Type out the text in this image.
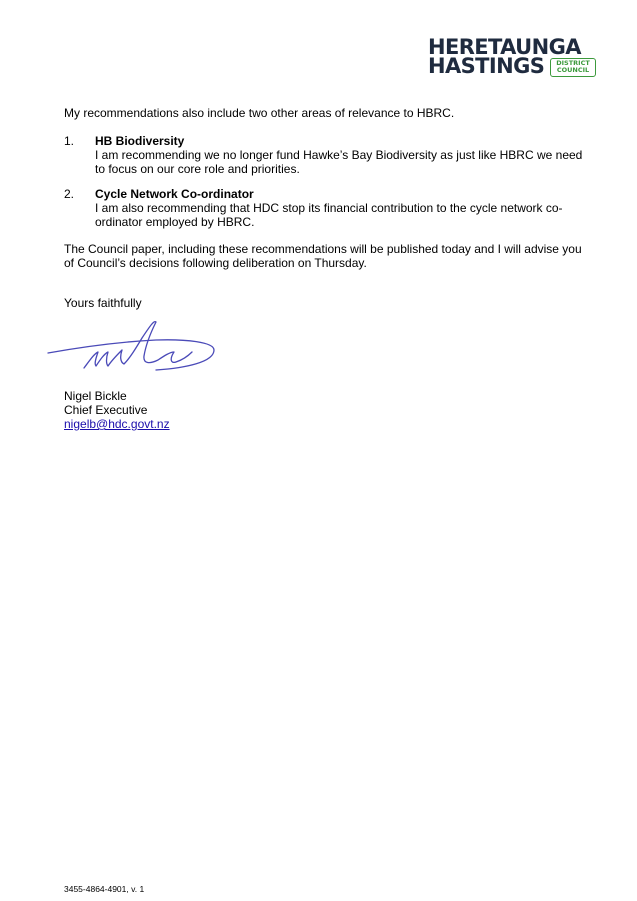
HERETAUNGA
HASTINGS	DISTRICT
COUNCIL
My recommendations also include two other areas of relevance to HBRC.
1. HB Biodiversity
I am recommending we no longer fund Hawke’s Bay Biodiversity as just like HBRC we need
to focus on our core role and priorities.
2. Cycle Network Co-ordinator
I am also recommending that HDC stop its financial contribution to the cycle network co-
ordinator employed by HBRC.
The Council paper, including these recommendations will be published today and I will advise you
of Council’s decisions following deliberation on Thursday.
Yours faithfully
Nigel Bickle
Chief Executive
nigelb@hdc.govt.nz
3455-4864-4901, v. 1
